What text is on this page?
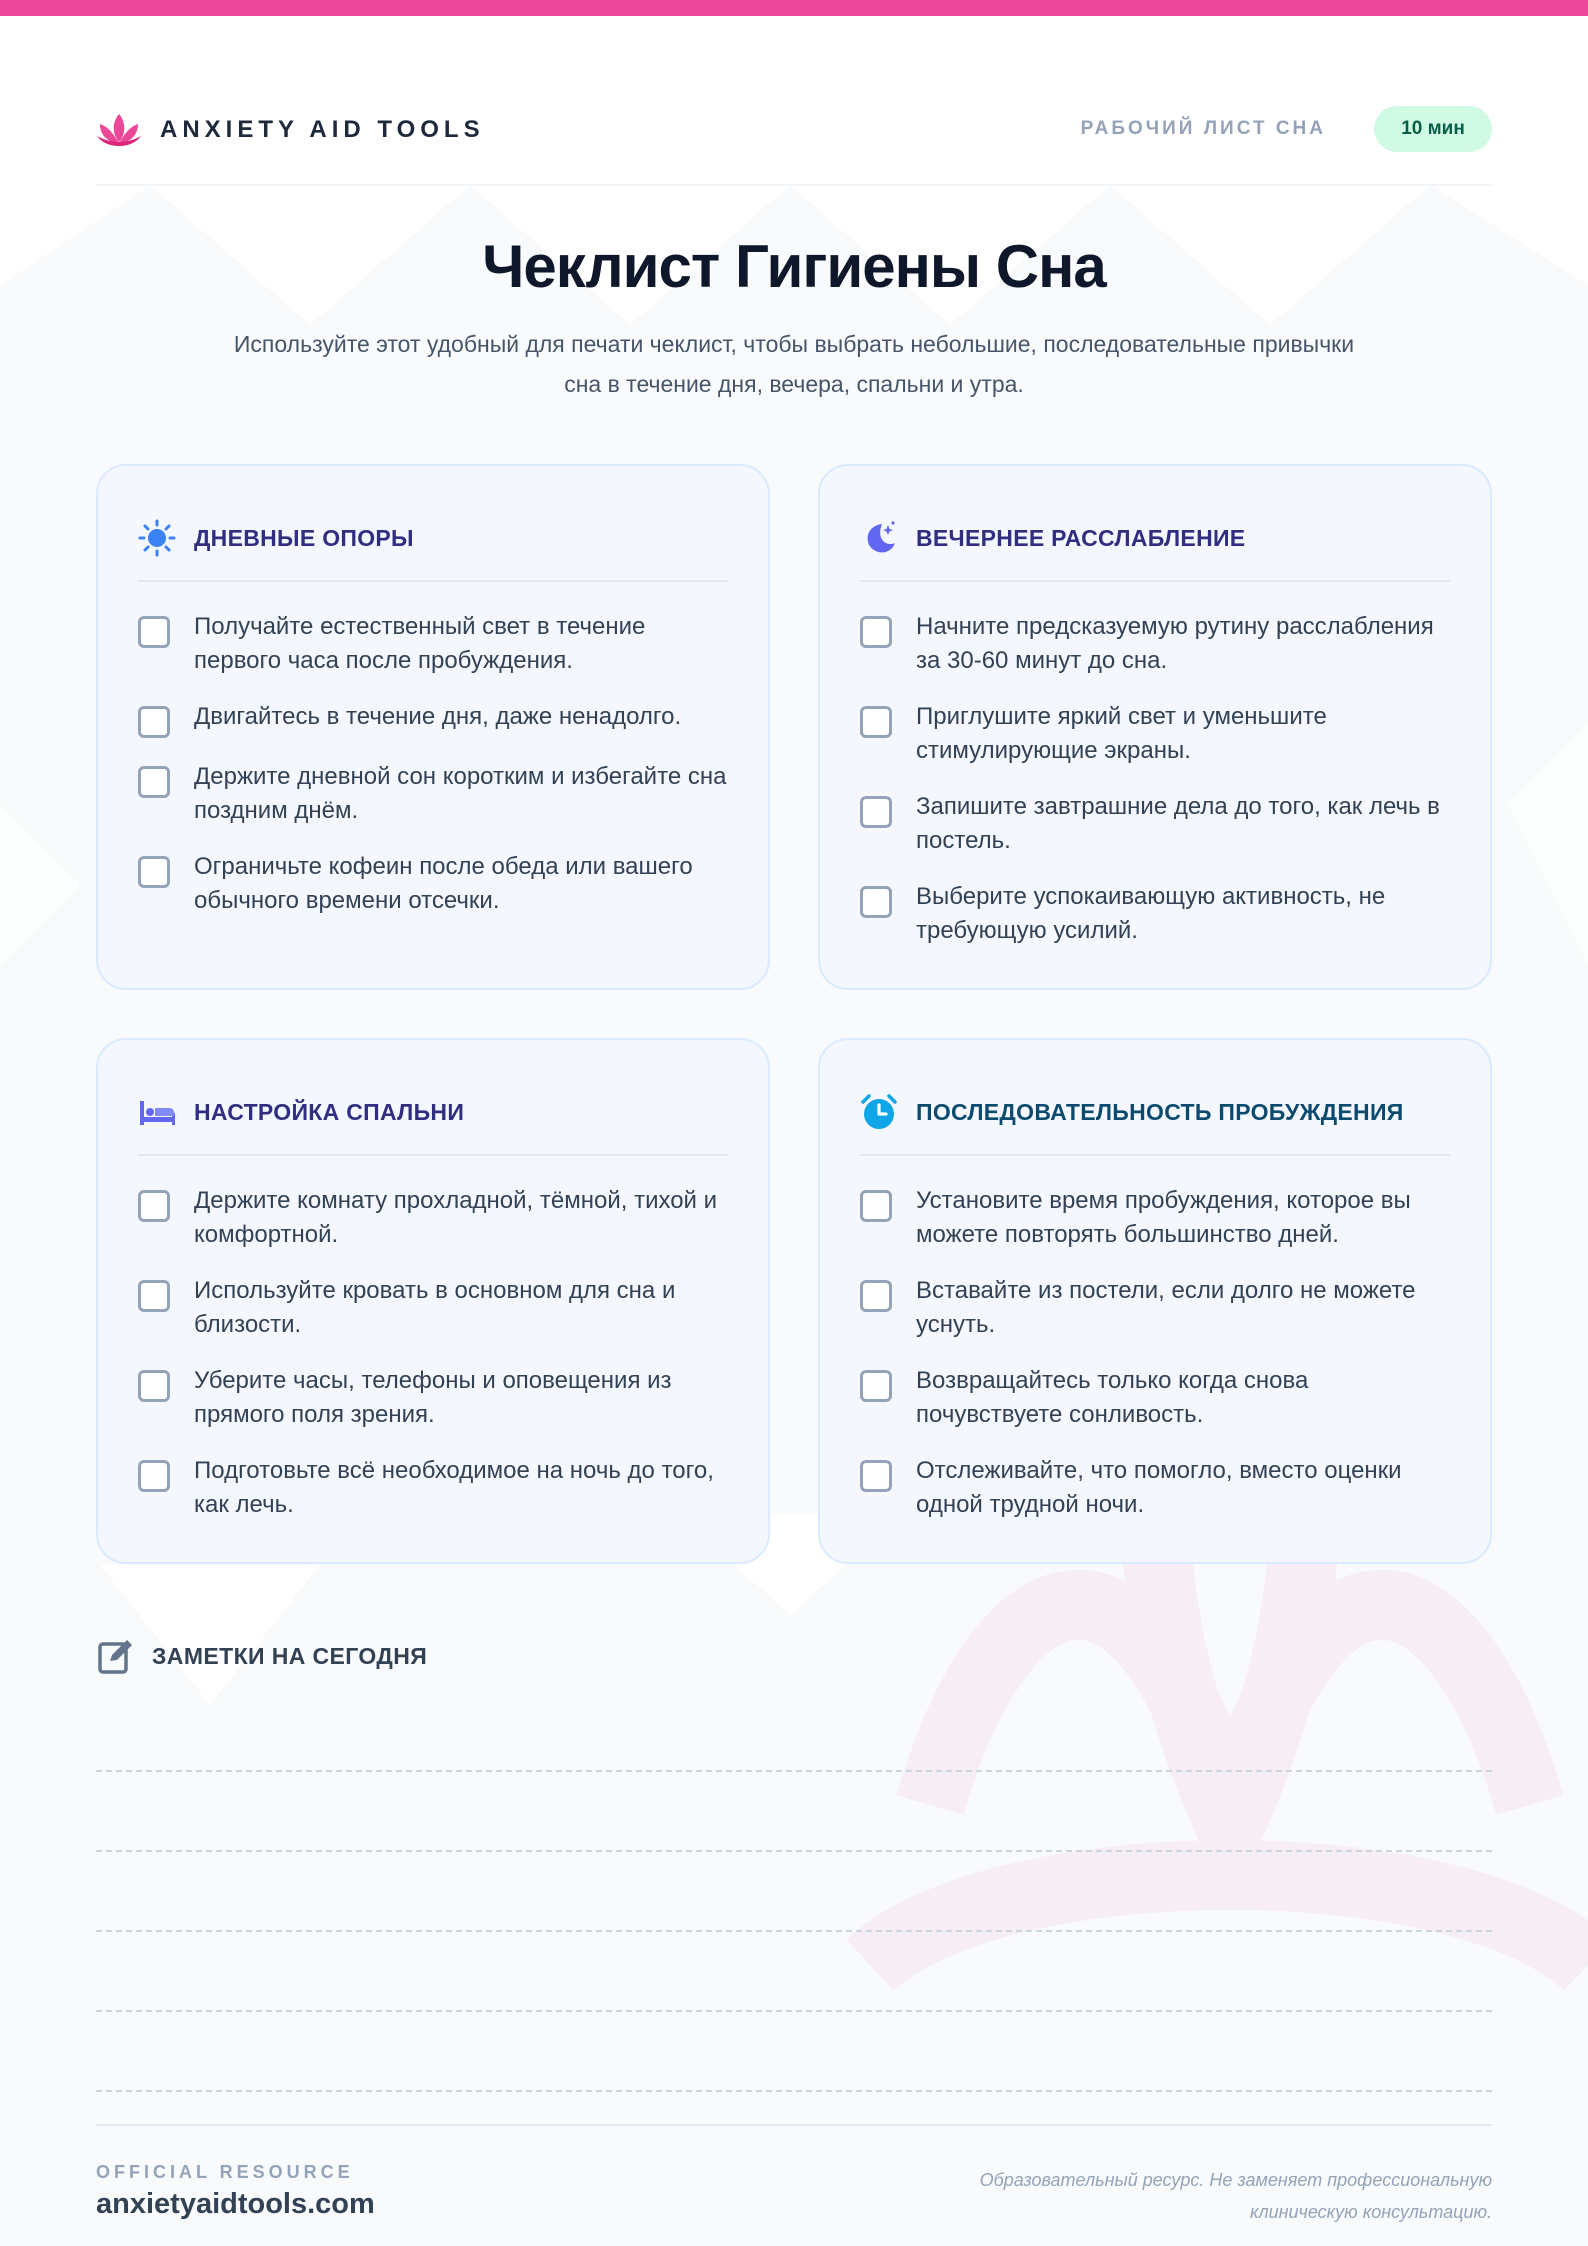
ANXIETY AID TOOLS	РАБОЧИЙ ЛИСТ СНА	10 мин
Чеклист Гигиены Сна

Используйте этот удобный для печати чеклист, чтобы выбрать небольшие, последовательные привычки сна в течение дня, вечера, спальни и утра.

ДНЕВНЫЕ ОПОРЫ
Получайте естественный свет в течение первого часа после пробуждения.
Двигайтесь в течение дня, даже ненадолго.
Держите дневной сон коротким и избегайте сна поздним днём.
Ограничьте кофеин после обеда или вашего обычного времени отсечки.
ВЕЧЕРНЕЕ РАССЛАБЛЕНИЕ
Начните предсказуемую рутину расслабления за 30-60 минут до сна.
Приглушите яркий свет и уменьшите стимулирующие экраны.
Запишите завтрашние дела до того, как лечь в постель.
Выберите успокаивающую активность, не требующую усилий.
НАСТРОЙКА СПАЛЬНИ
Держите комнату прохладной, тёмной, тихой и комфортной.
Используйте кровать в основном для сна и близости.
Уберите часы, телефоны и оповещения из прямого поля зрения.
Подготовьте всё необходимое на ночь до того, как лечь.
ПОСЛЕДОВАТЕЛЬНОСТЬ ПРОБУЖДЕНИЯ
Установите время пробуждения, которое вы можете повторять большинство дней.
Вставайте из постели, если долго не можете уснуть.
Возвращайтесь только когда снова почувствуете сонливость.
Отслеживайте, что помогло, вместо оценки одной трудной ночи.
ЗАМЕТКИ НА СЕГОДНЯ
OFFICIAL RESOURCE
anxietyaidtools.com

Образовательный ресурс. Не заменяет профессиональную клиническую консультацию.
